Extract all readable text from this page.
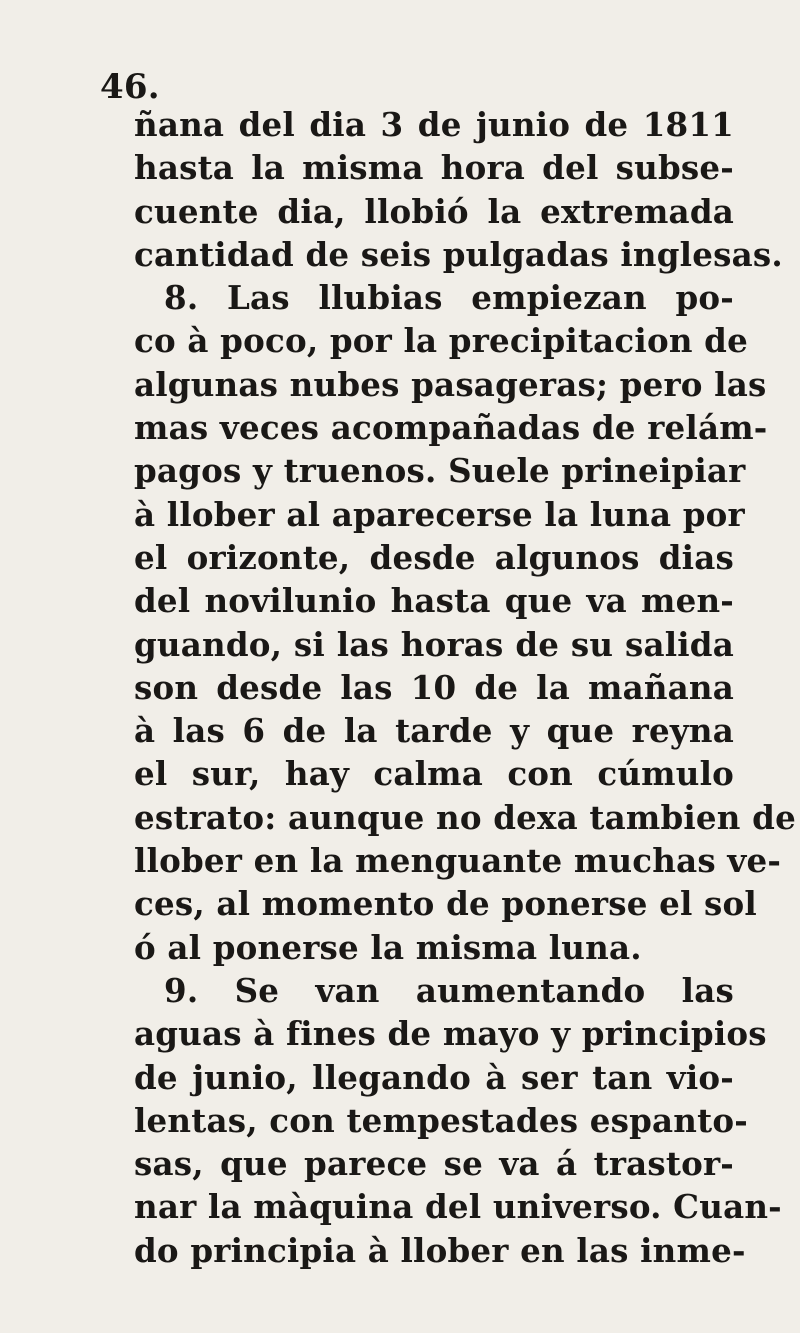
46.
ñana del dia 3 de junio de 1811
hasta la misma hora del subse-
cuente dia, llobió la extremada
cantidad de seis pulgadas inglesas.
8. Las llubias empiezan po-
co à poco, por la precipitacion de
algunas nubes pasageras; pero las
mas veces acompañadas de relám-
pagos y truenos. Suele prineipiar
à llober al aparecerse la luna por
el orizonte, desde algunos dias
del novilunio hasta que va men-
guando, si las horas de su salida
son desde las 10 de la mañana
à las 6 de la tarde y que reyna
el sur, hay calma con cúmulo
estrato: aunque no dexa tambien de
llober en la menguante muchas ve-
ces, al momento de ponerse el sol
ó al ponerse la misma luna.
9. Se van aumentando las
aguas à fines de mayo y principios
de junio, llegando à ser tan vio-
lentas, con tempestades espanto-
sas, que parece se va á trastor-
nar la màquina del universo. Cuan-
do principia à llober en las inme-
